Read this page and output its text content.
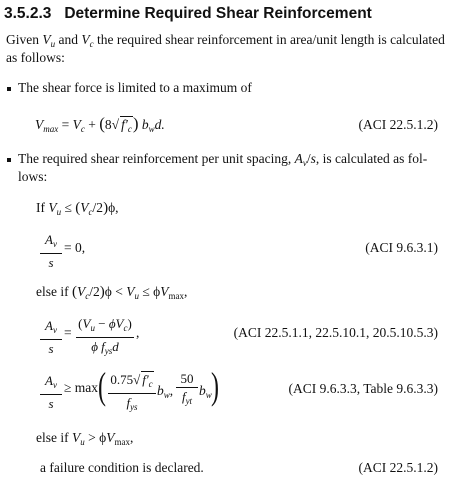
3.5.2.3 Determine Required Shear Reinforcement
Given $V_u$ and $V_c$ the required shear reinforcement in area/unit length is calculated
as follows:
The shear force is limited to a maximum of
$V_{max} = V_c + (8√$ $f'_c$) $b_wd$.	(ACI 22.5.1.2)
The required shear reinforcement per unit spacing, $A_v/s$, is calculated as fol-
lows:
If $V_u \le (V_c/2)\phi$,
$A_v$
s
= 0,	(ACI 9.6.3.1)
else if $(V_c/2)\phi < V_u \le \phi V_{max}$,
$A_v$
s
=
$(V_u - \phi V_c)$
ϕ $f_{ys}d$
,	(ACI 22.5.1.1, 22.5.10.1, 20.5.10.5.3)
$A_v$
s
≥ max ( 0.75√ $f'_c$
$f_{ys}$
$b_w$,
50
$f_{yt}$
$b_w$ )	(ACI 9.6.3.3, Table 9.6.3.3)
else if $V_u > \phi V_{max}$,
a failure condition is declared.	(ACI 22.5.1.2)
